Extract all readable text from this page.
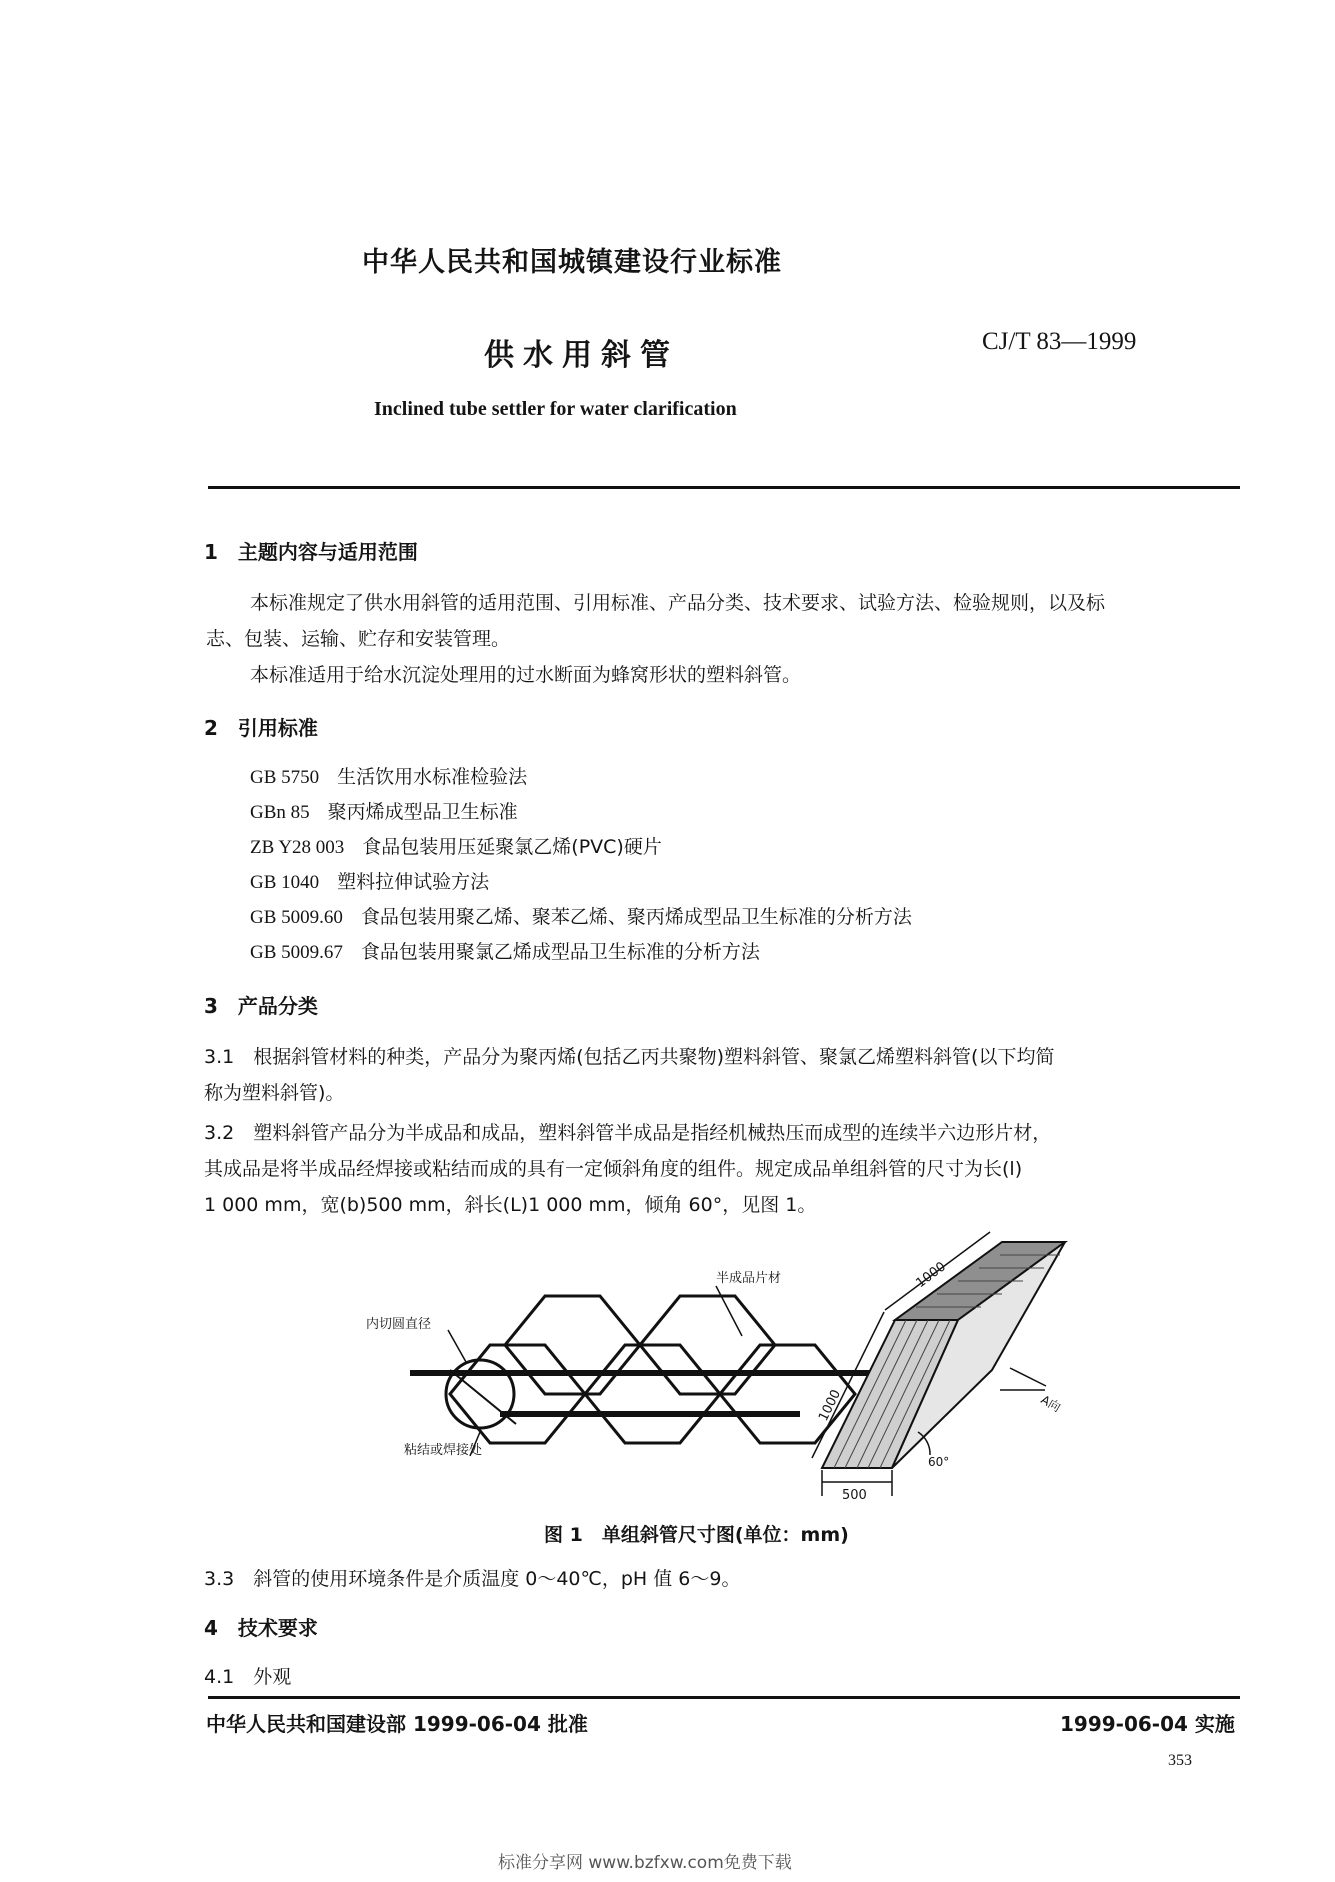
中华人民共和国城镇建设行业标准
供水用斜管	CJ/T 83—1999
Inclined tube settler for water clarification
1　主题内容与适用范围
本标准规定了供水用斜管的适用范围、引用标准、产品分类、技术要求、试验方法、检验规则，以及标
志、包装、运输、贮存和安装管理。
本标准适用于给水沉淀处理用的过水断面为蜂窝形状的塑料斜管。
2　引用标准
GB 5750 生活饮用水标准检验法
GBn 85 聚丙烯成型品卫生标准
ZB Y28 003 食品包装用压延聚氯乙烯(PVC)硬片
GB 1040 塑料拉伸试验方法
GB 5009.60 食品包装用聚乙烯、聚苯乙烯、聚丙烯成型品卫生标准的分析方法
GB 5009.67 食品包装用聚氯乙烯成型品卫生标准的分析方法
3　产品分类
3.1　根据斜管材料的种类，产品分为聚丙烯(包括乙丙共聚物)塑料斜管、聚氯乙烯塑料斜管(以下均简
称为塑料斜管)。
3.2　塑料斜管产品分为半成品和成品，塑料斜管半成品是指经机械热压而成型的连续半六边形片材，
其成品是将半成品经焊接或粘结而成的具有一定倾斜角度的组件。规定成品单组斜管的尺寸为长(l)
1 000 mm，宽(b)500 mm，斜长(L)1 000 mm，倾角 60°，见图 1。
内切圆直径
半成品片材
粘结或焊接处
1000
1000
500
60°
A向
图 1　单组斜管尺寸图(单位：mm)
3.3　斜管的使用环境条件是介质温度 0～40℃，pH 值 6～9。
4　技术要求
4.1　外观
中华人民共和国建设部 1999-06-04 批准	1999-06-04 实施
353
标准分享网 www.bzfxw.com免费下载
